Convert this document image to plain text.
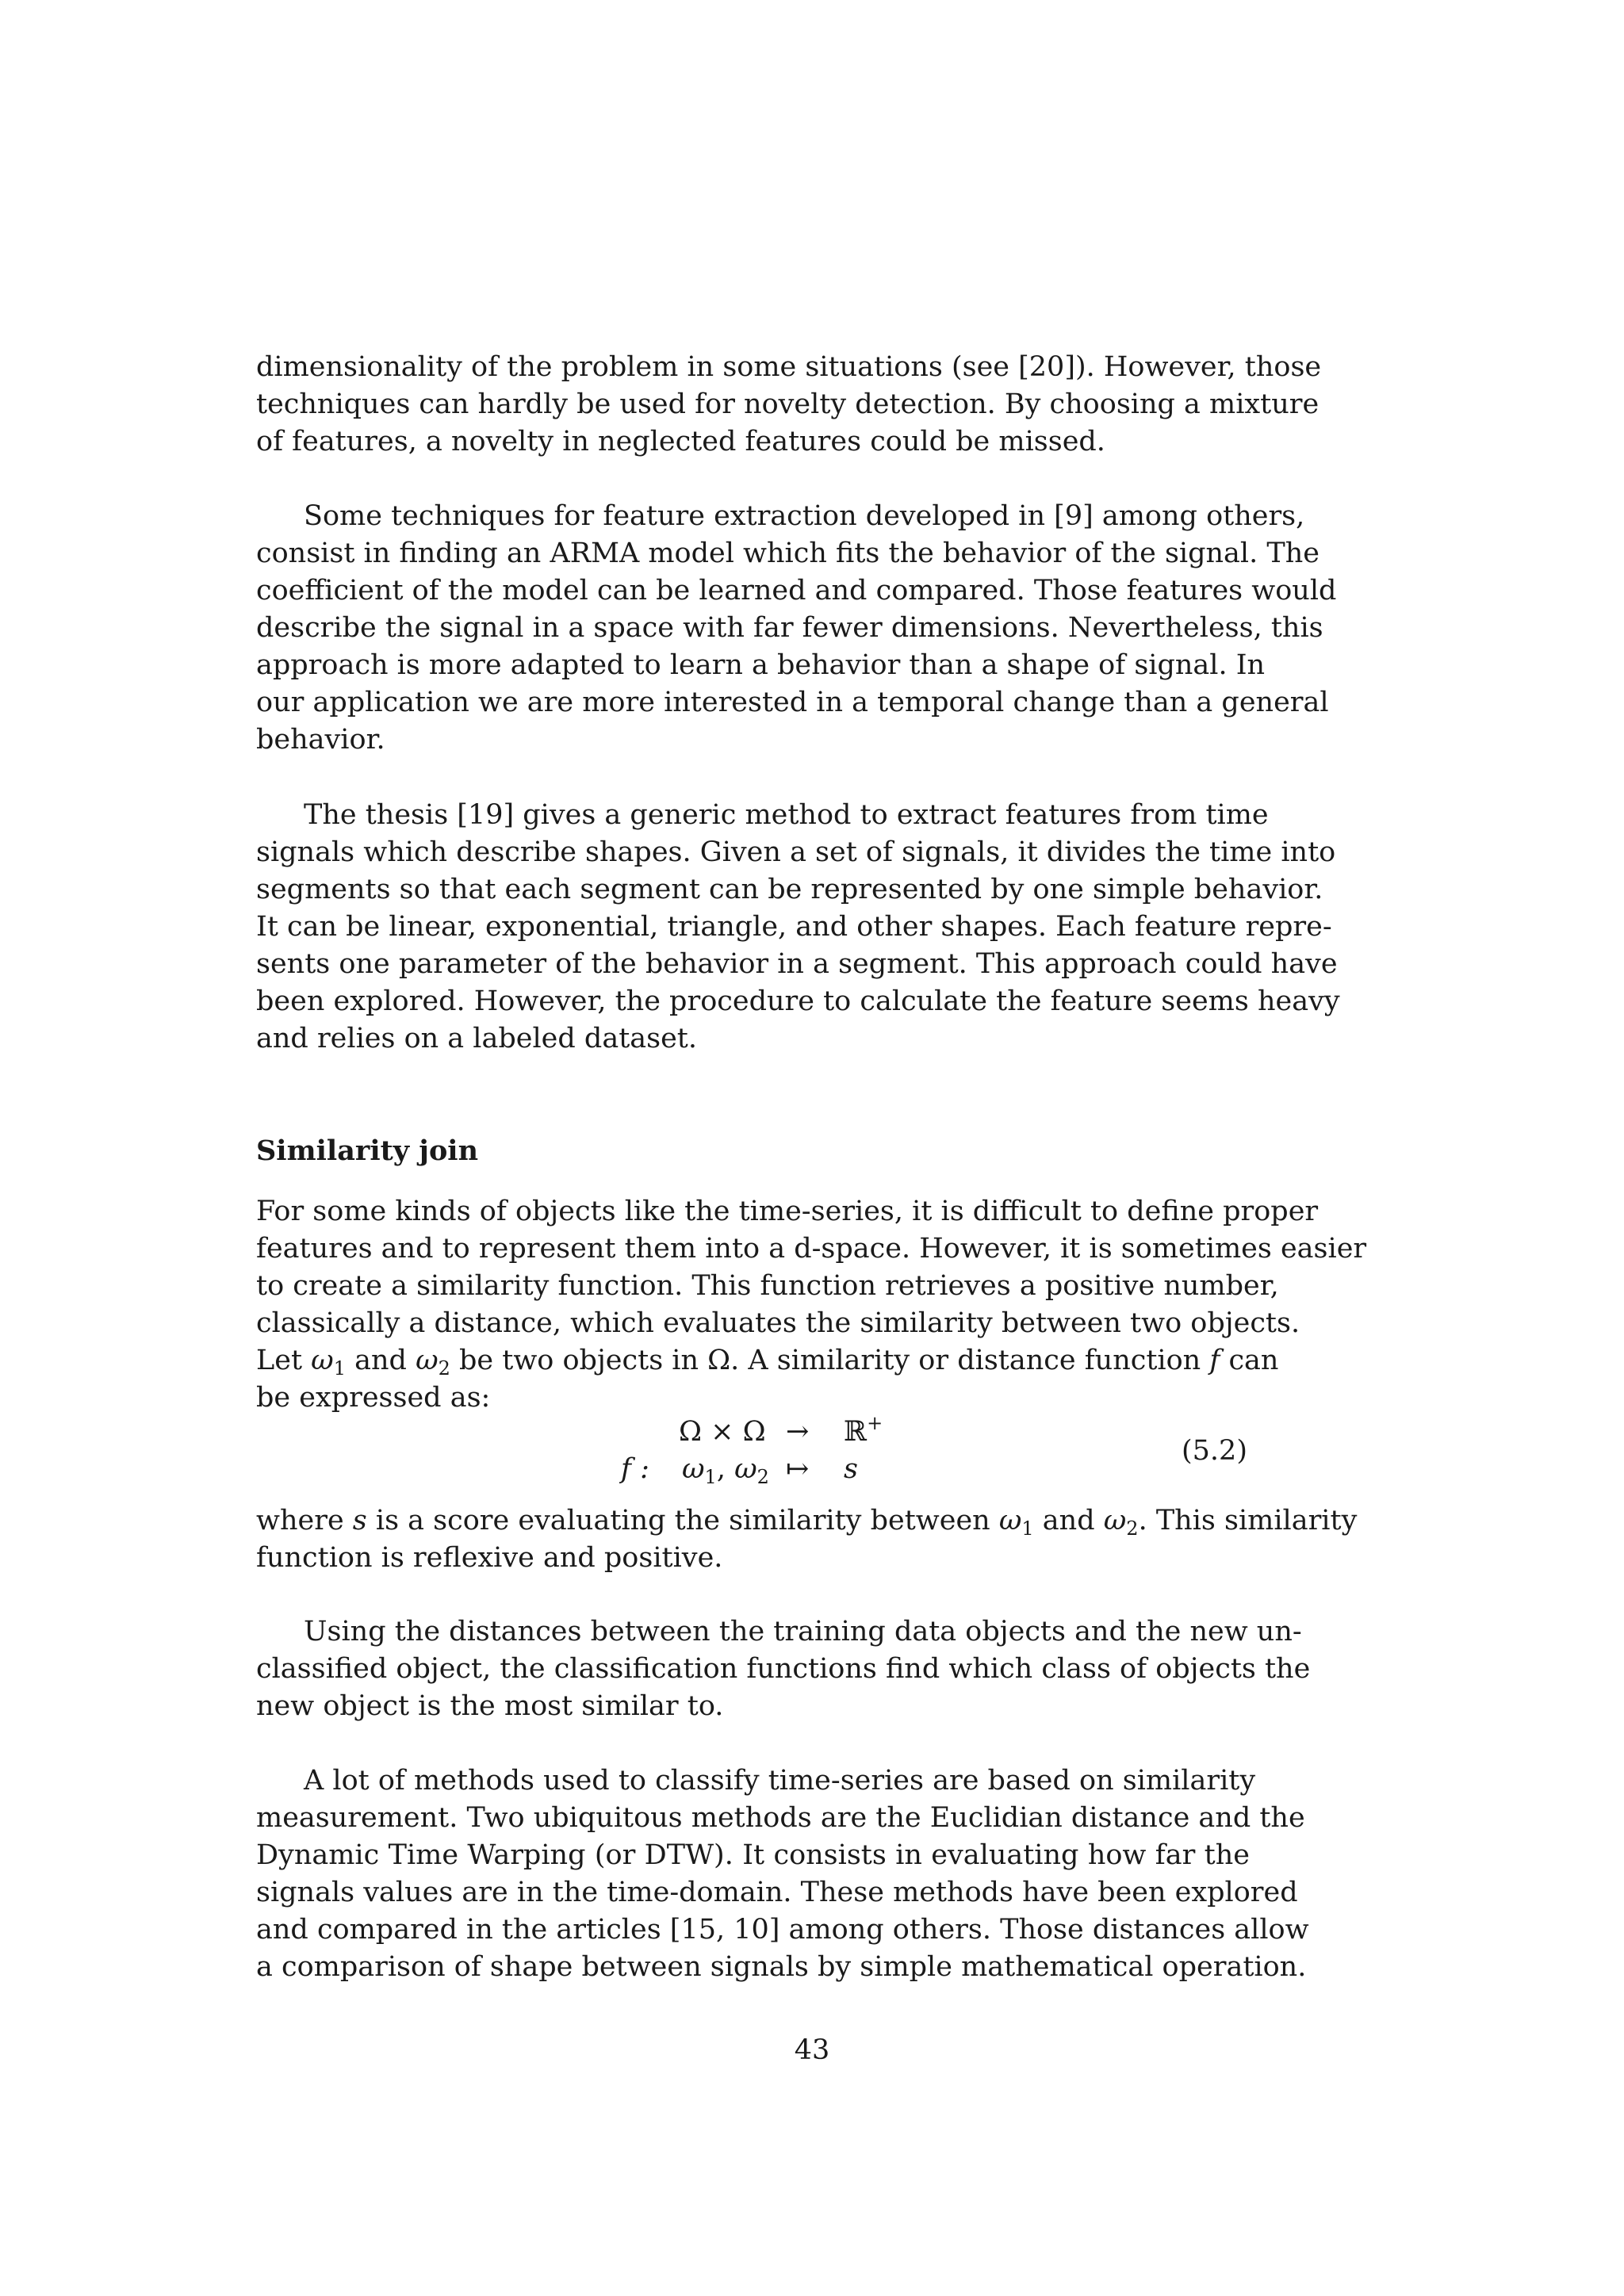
dimensionality of the problem in some situations (see [20]). However, those
techniques can hardly be used for novelty detection. By choosing a mixture
of features, a novelty in neglected features could be missed.
Some techniques for feature extraction developed in [9] among others,
consist in finding an ARMA model which fits the behavior of the signal. The
coefficient of the model can be learned and compared. Those features would
describe the signal in a space with far fewer dimensions. Nevertheless, this
approach is more adapted to learn a behavior than a shape of signal. In
our application we are more interested in a temporal change than a general
behavior.
The thesis [19] gives a generic method to extract features from time
signals which describe shapes. Given a set of signals, it divides the time into
segments so that each segment can be represented by one simple behavior.
It can be linear, exponential, triangle, and other shapes. Each feature repre-
sents one parameter of the behavior in a segment. This approach could have
been explored. However, the procedure to calculate the feature seems heavy
and relies on a labeled dataset.
Similarity join
For some kinds of objects like the time-series, it is difficult to define proper
features and to represent them into a d-space. However, it is sometimes easier
to create a similarity function. This function retrieves a positive number,
classically a distance, which evaluates the similarity between two objects.
Let $\omega_1$ and $\omega_2$ be two objects in Ω. A similarity or distance function f can
be expressed as:
Ω × Ω → ℝ+
f : $\omega_1$, $\omega_2$ ↦ s
(5.2)
where s is a score evaluating the similarity between $\omega_1$ and $\omega_2$. This similarity
function is reflexive and positive.
Using the distances between the training data objects and the new un-
classified object, the classification functions find which class of objects the
new object is the most similar to.
A lot of methods used to classify time-series are based on similarity
measurement. Two ubiquitous methods are the Euclidian distance and the
Dynamic Time Warping (or DTW). It consists in evaluating how far the
signals values are in the time-domain. These methods have been explored
and compared in the articles [15, 10] among others. Those distances allow
a comparison of shape between signals by simple mathematical operation.
43
